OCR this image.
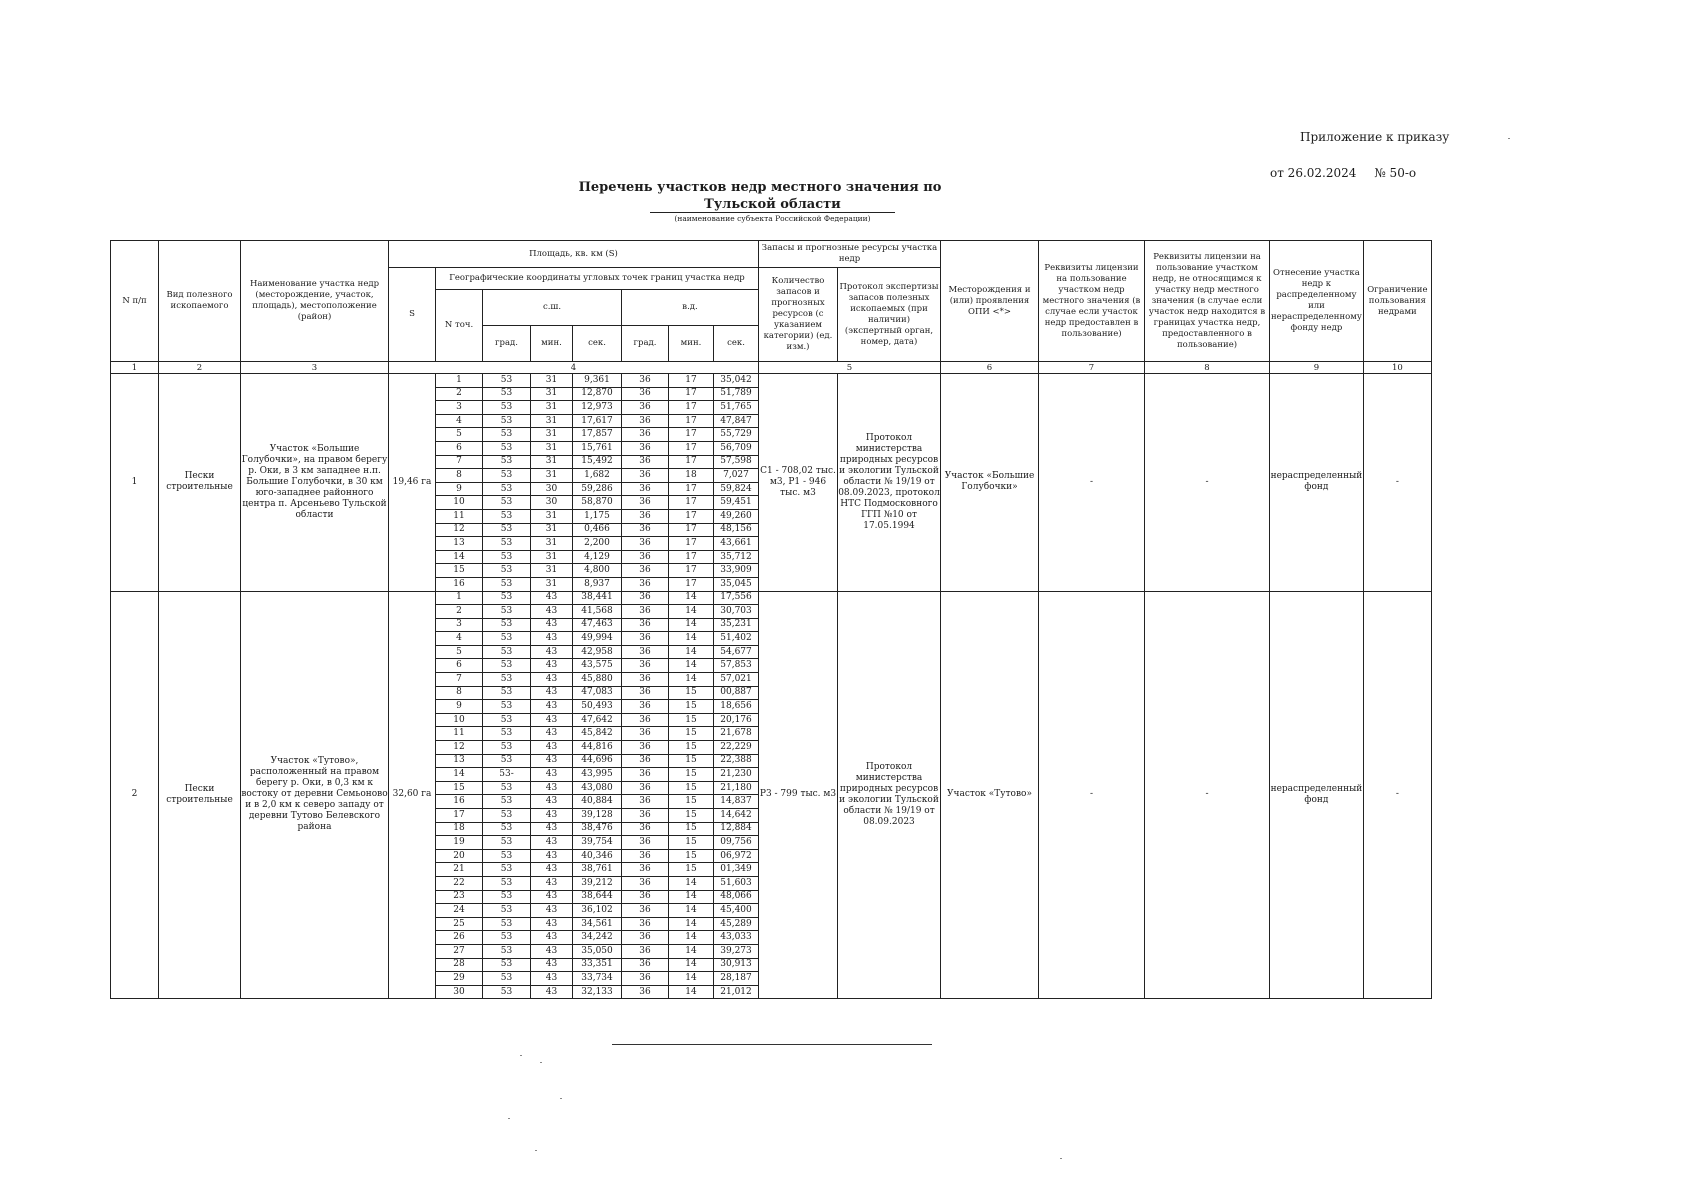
Приложение к приказу
от 26.02.2024 № 50-о
Перечень участков недр местного значения по
Тульской области
(наименование субъекта Российской Федерации)
N п/п	Вид полезного ископаемого	Наименование участка недр (месторождение, участок, площадь), местоположение (район)	Площадь, кв. км (S)								Запасы и прогнозные ресурсы участка недр		Месторождения и (или) проявления ОПИ <*>	Реквизиты лицензии на пользование участком недр местного значения (в случае если участок недр предоставлен в пользование)	Реквизиты лицензии на пользование участком недр, не относящимся к участку недр местного значения (в случае если участок недр находится в границах участка недр, предоставленного в пользование)	Отнесение участка недр к распределенному или нераспределенному фонду недр	Ограничение пользования недрами
			S	Географические координаты угловых точек границ участка недр							Количество запасов и прогнозных ресурсов (с указанием категории) (ед. изм.)	Протокол экспертизы запасов полезных ископаемых (при наличии) (экспертный орган, номер, дата)					
				N точ.	с.ш.			в.д.									
					град.	мин.	сек.	град.	мин.	сек.							
1	2	3	4								5		6	7	8	9	10
1	Пески строительные	Участок «Большие Голубочки», на правом берегу р. Оки, в 3 км западнее н.п. Большие Голубочки, в 30 км юго-западнее районного центра п. Арсеньево Тульской области	19,46 га	1	53	31	9,361	36	17	35,042	С1 - 708,02 тыс. м3, Р1 - 946 тыс. м3	Протокол министерства природных ресурсов и экологии Тульской области № 19/19 от 08.09.2023, протокол НТС Подмосковного ГГП №10 от 17.05.1994	Участок «Большие Голубочки»	-	-	нераспределенный фонд	-
				2	53	31	12,870	36	17	51,789							
				3	53	31	12,973	36	17	51,765							
				4	53	31	17,617	36	17	47,847							
				5	53	31	17,857	36	17	55,729							
				6	53	31	15,761	36	17	56,709							
				7	53	31	15,492	36	17	57,598							
				8	53	31	1,682	36	18	7,027							
				9	53	30	59,286	36	17	59,824							
				10	53	30	58,870	36	17	59,451							
				11	53	31	1,175	36	17	49,260							
				12	53	31	0,466	36	17	48,156							
				13	53	31	2,200	36	17	43,661							
				14	53	31	4,129	36	17	35,712							
				15	53	31	4,800	36	17	33,909							
				16	53	31	8,937	36	17	35,045							
2	Пески строительные	Участок «Тутово», расположенный на правом берегу р. Оки, в 0,3 км к востоку от деревни Семьоново и в 2,0 км к северо западу от деревни Тутово Белевского района	32,60 га	1	53	43	38,441	36	14	17,556	Р3 - 799 тыс. м3	Протокол министерства природных ресурсов и экологии Тульской области № 19/19 от 08.09.2023	Участок «Тутово»	-	-	нераспределенный фонд	-
				2	53	43	41,568	36	14	30,703							
				3	53	43	47,463	36	14	35,231							
				4	53	43	49,994	36	14	51,402							
				5	53	43	42,958	36	14	54,677							
				6	53	43	43,575	36	14	57,853							
				7	53	43	45,880	36	14	57,021							
				8	53	43	47,083	36	15	00,887							
				9	53	43	50,493	36	15	18,656							
				10	53	43	47,642	36	15	20,176							
				11	53	43	45,842	36	15	21,678							
				12	53	43	44,816	36	15	22,229							
				13	53	43	44,696	36	15	22,388							
				14	53-	43	43,995	36	15	21,230							
				15	53	43	43,080	36	15	21,180							
				16	53	43	40,884	36	15	14,837							
				17	53	43	39,128	36	15	14,642							
				18	53	43	38,476	36	15	12,884							
				19	53	43	39,754	36	15	09,756							
				20	53	43	40,346	36	15	06,972							
				21	53	43	38,761	36	15	01,349							
				22	53	43	39,212	36	14	51,603							
				23	53	43	38,644	36	14	48,066							
				24	53	43	36,102	36	14	45,400							
				25	53	43	34,561	36	14	45,289							
				26	53	43	34,242	36	14	43,033							
				27	53	43	35,050	36	14	39,273							
				28	53	43	33,351	36	14	30,913							
				29	53	43	33,734	36	14	28,187							
				30	53	43	32,133	36	14	21,012							
